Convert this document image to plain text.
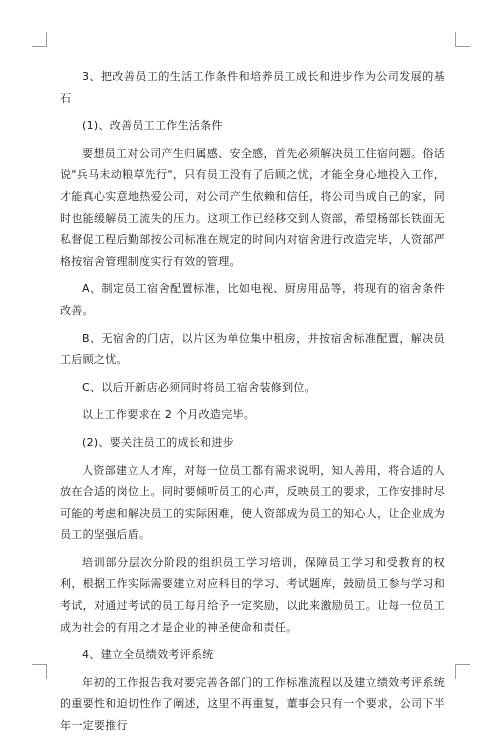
3、把改善员工的生活工作条件和培养员工成长和进步作为公司发展的基石

(1)、改善员工工作生活条件

要想员工对公司产生归属感、安全感，首先必须解决员工住宿问题。俗话说"兵马未动粮草先行"，只有员工没有了后顾之忧，才能全身心地投入工作，才能真心实意地热爱公司，对公司产生依赖和信任，将公司当成自己的家，同时也能缓解员工流失的压力。这项工作已经移交到人资部，希望杨部长铁面无私督促工程后勤部按公司标准在规定的时间内对宿舍进行改造完毕，人资部严格按宿舍管理制度实行有效的管理。

A、制定员工宿舍配置标准，比如电视、厨房用品等，将现有的宿舍条件改善。

B、无宿舍的门店，以片区为单位集中租房，并按宿舍标准配置，解决员工后顾之忧。

C、以后开新店必须同时将员工宿舍装修到位。

以上工作要求在 2 个月改造完毕。

(2)、要关注员工的成长和进步

人资部建立人才库，对每一位员工都有需求说明，知人善用，将合适的人放在合适的岗位上。同时要倾听员工的心声，反映员工的要求，工作安排时尽可能的考虑和解决员工的实际困难，使人资部成为员工的知心人，让企业成为员工的坚强后盾。

培训部分层次分阶段的组织员工学习培训，保障员工学习和受教育的权利，根据工作实际需要建立对应科目的学习、考试题库，鼓励员工参与学习和考试，对通过考试的员工每月给予一定奖励，以此来激励员工。让每一位员工成为社会的有用之才是企业的神圣使命和责任。

4、建立全员绩效考评系统

年初的工作报告我对要完善各部门的工作标准流程以及建立绩效考评系统的重要性和迫切性作了阐述，这里不再重复，董事会只有一个要求，公司下半年一定要推行
